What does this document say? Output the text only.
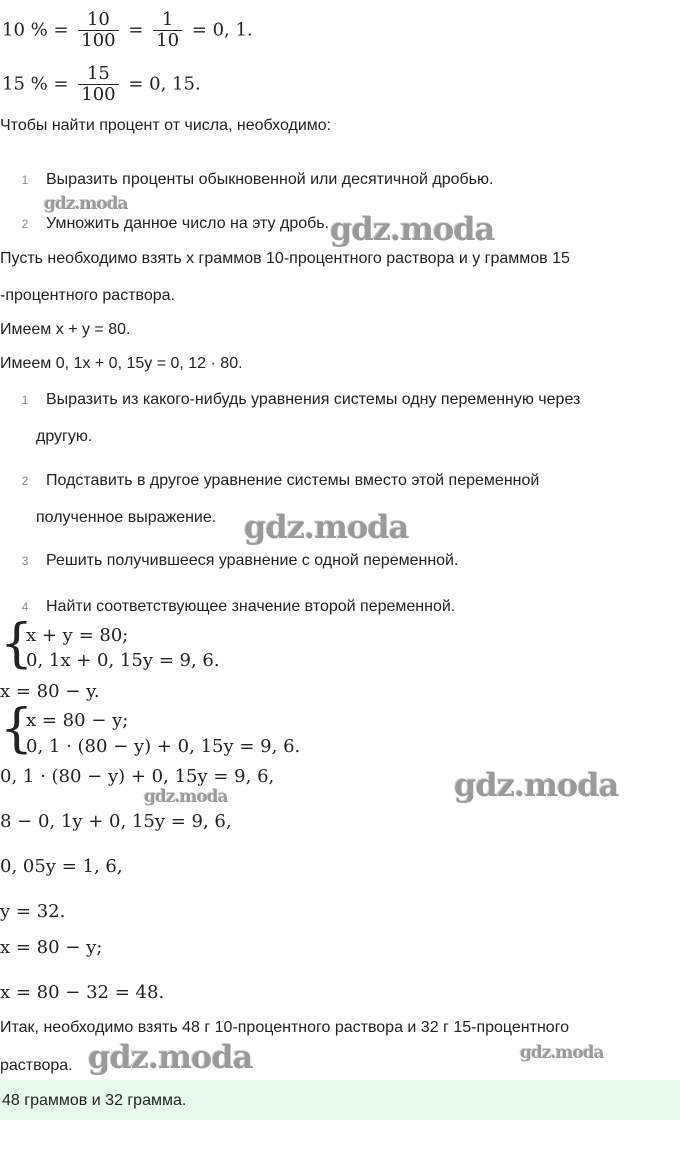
10 % = $\frac{10}{100} = \frac{1}{10} = 0$, 1.
15 % = $\frac{15}{100} = 0$, 15.
Чтобы найти процент от числа, необходимо:
1 Выразить проценты обыкновенной или десятичной дробью.
2 Умножить данное число на эту дробь.
Пусть необходимо взять x граммов 10-процентного раствора и y граммов 15
-процентного раствора.
Имеем x + y = 80.
Имеем 0, 1x + 0, 15y = 0, 12 · 80.
1 Выразить из какого-нибудь уравнения системы одну переменную через
другую.
2 Подставить в другое уравнение системы вместо этой переменной
полученное выражение.
3 Решить получившееся уравнение с одной переменной.
4 Найти соответствующее значение второй переменной.
{
x + y = 80;
0, 1x + 0, 15y = 9, 6.
x = 80 − y.
{
x = 80 − y;
0, 1 · (80 − y) + 0, 15y = 9, 6.
0, 1 · (80 − y) + 0, 15y = 9, 6,
8 − 0, 1y + 0, 15y = 9, 6,
0, 05y = 1, 6,
y = 32.
x = 80 − y;
x = 80 − 32 = 48.
Итак, необходимо взять 48 г 10-процентного раствора и 32 г 15-процентного
раствора.
48 граммов и 32 грамма.
gdz.moda
gdz.moda
gdz.moda
gdz.moda
gdz.moda
gdz.moda	gdz.moda
